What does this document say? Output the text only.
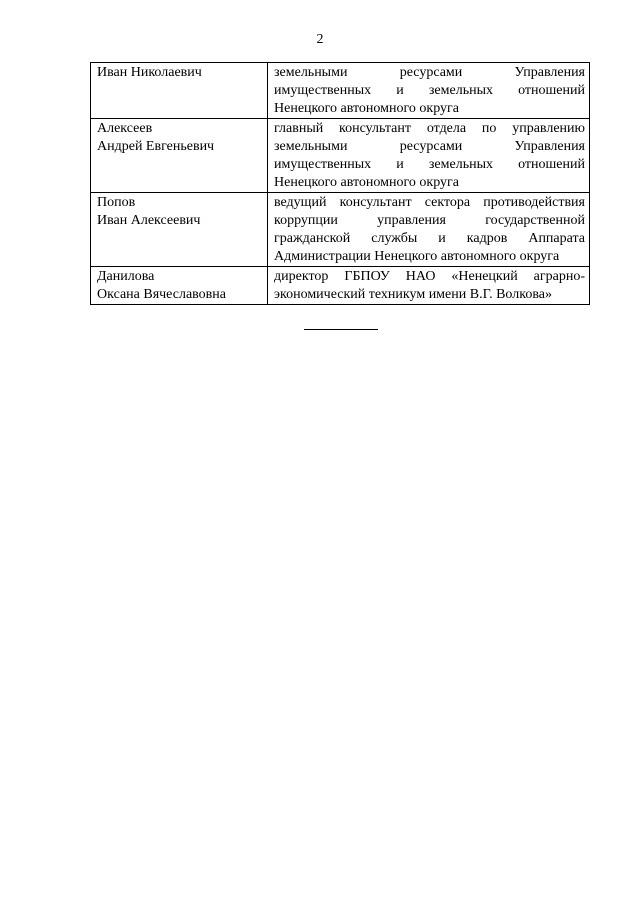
2
Иван Николаевич	земельными ресурсами Управления имущественных и земельных отношений Ненецкого автономного округа

Алексеев
Андрей Евгеньевич	главный консультант отдела по управлению земельными ресурсами Управления имущественных и земельных отношений Ненецкого автономного округа

Попов
Иван Алексеевич	ведущий консультант сектора противодействия коррупции управления государственной гражданской службы и кадров Аппарата Администрации Ненецкого автономного округа

Данилова
Оксана Вячеславовна	директор ГБПОУ НАО «Ненецкий аграрно-экономический техникум имени В.Г. Волкова»
